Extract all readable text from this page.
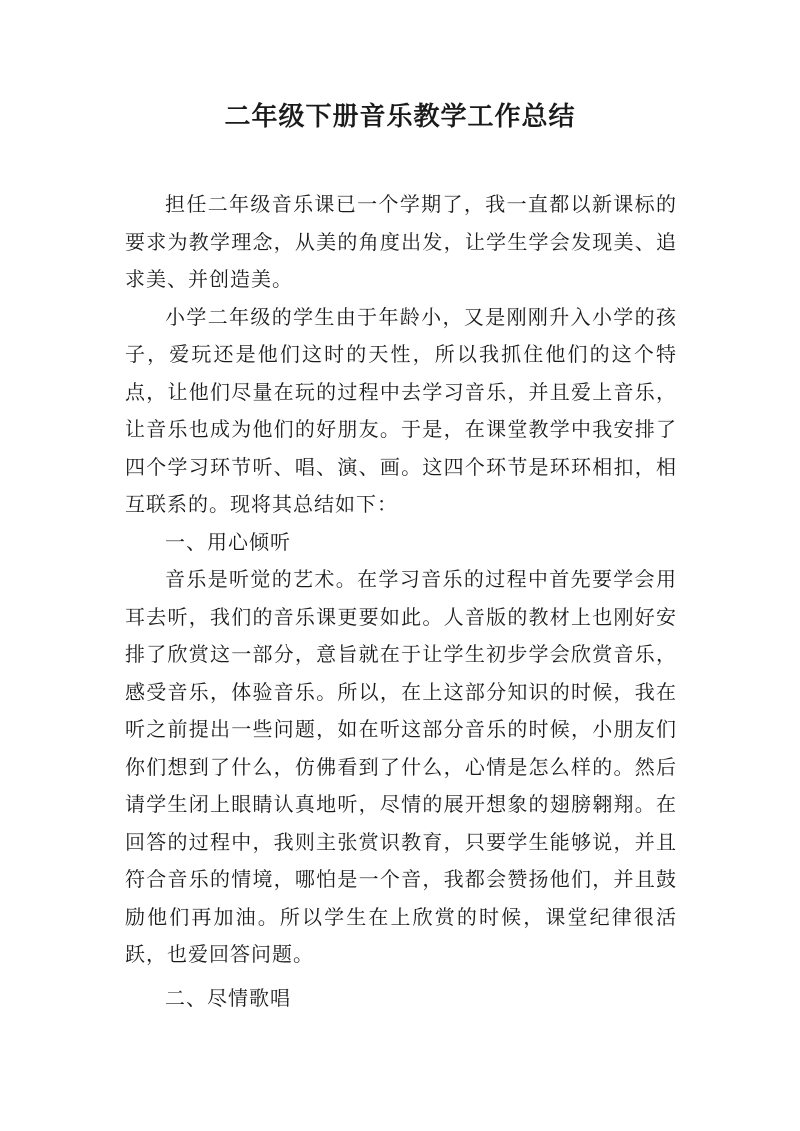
二年级下册音乐教学工作总结

担任二年级音乐课已一个学期了，我一直都以新课标的要求为教学理念，从美的角度出发，让学生学会发现美、追求美、并创造美。

小学二年级的学生由于年龄小，又是刚刚升入小学的孩子，爱玩还是他们这时的天性，所以我抓住他们的这个特点，让他们尽量在玩的过程中去学习音乐，并且爱上音乐，让音乐也成为他们的好朋友。于是，在课堂教学中我安排了四个学习环节听、唱、演、画。这四个环节是环环相扣，相互联系的。现将其总结如下：

一、用心倾听

音乐是听觉的艺术。在学习音乐的过程中首先要学会用耳去听，我们的音乐课更要如此。人音版的教材上也刚好安排了欣赏这一部分，意旨就在于让学生初步学会欣赏音乐，感受音乐，体验音乐。所以，在上这部分知识的时候，我在听之前提出一些问题，如在听这部分音乐的时候，小朋友们你们想到了什么，仿佛看到了什么，心情是怎么样的。然后请学生闭上眼睛认真地听，尽情的展开想象的翅膀翱翔。在回答的过程中，我则主张赏识教育，只要学生能够说，并且符合音乐的情境，哪怕是一个音，我都会赞扬他们，并且鼓励他们再加油。所以学生在上欣赏的时候，课堂纪律很活跃，也爱回答问题。

二、尽情歌唱
